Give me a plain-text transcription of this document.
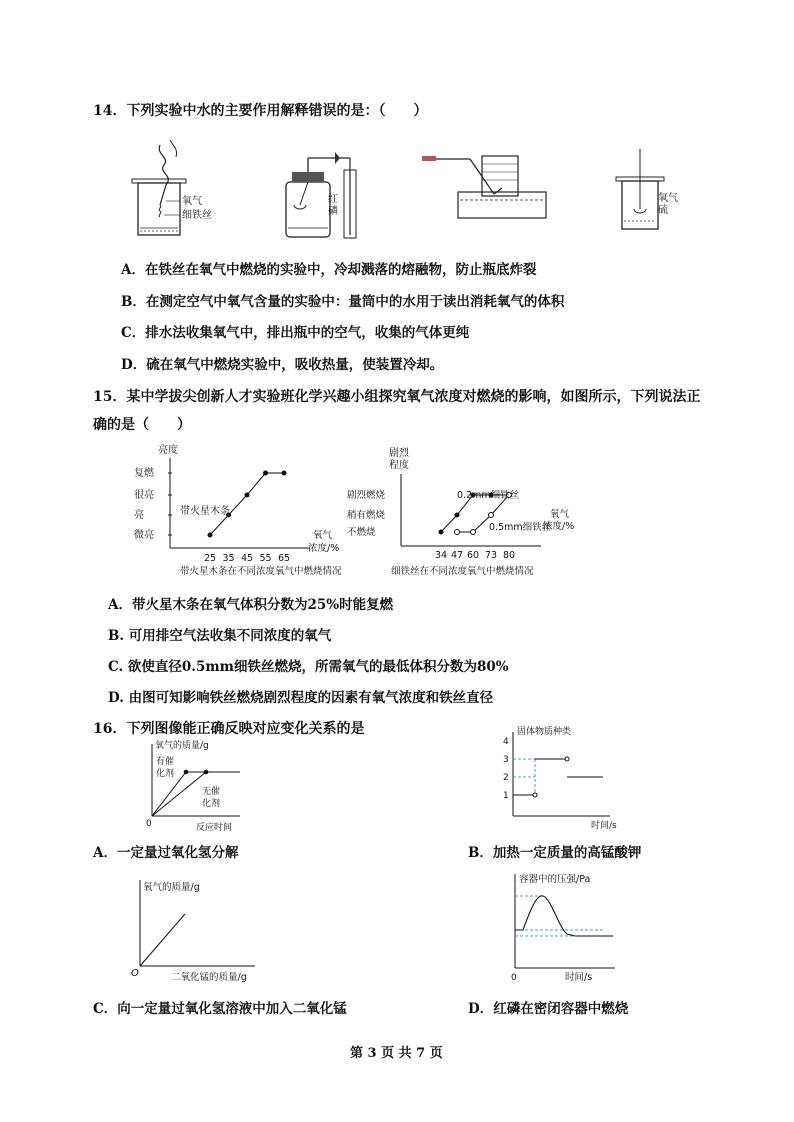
14．下列实验中水的主要作用解释错误的是：（　　）
氧气
细铁丝
红
磷
氧气
硫
A．在铁丝在氧气中燃烧的实验中，冷却溅落的熔融物，防止瓶底炸裂
B．在测定空气中氧气含量的实验中：量筒中的水用于读出消耗氧气的体积
C．排水法收集氧气中，排出瓶中的空气，收集的气体更纯
D．硫在氧气中燃烧实验中，吸收热量，使装置冷却。
15．某中学拔尖创新人才实验班化学兴趣小组探究氧气浓度对燃烧的影响，如图所示，下列说法正
确的是（　　）
亮度
微亮
亮
很亮
复燃
25 35 45 55 65
带火星木条
氧气
浓度/%
带火星木条在不同浓度氧气中燃烧情况
剧烈
程度
不燃烧
稍有燃烧
剧烈燃烧
34 47 60 73 80
0.2mm细铁丝
0.5mm细铁丝
氧气
浓度/%
细铁丝在不同浓度氧气中燃烧情况
A．带火星木条在氧气体积分数为25%时能复燃
B. 可用排空气法收集不同浓度的氧气
C. 欲使直径0.5mm细铁丝燃烧，所需氧气的最低体积分数为80%
D. 由图可知影响铁丝燃烧剧烈程度的因素有氧气浓度和铁丝直径
16．下列图像能正确反映对应变化关系的是
氧气的质量/g
有催
化剂
无催
化剂
0	反应时间
A．一定量过氧化氢分解
固体物质种类
4
3
2
1
时间/s
B．加热一定质量的高锰酸钾
氧气的质量/g
O	二氧化锰的质量/g
C．向一定量过氧化氢溶液中加入二氧化锰
容器中的压强/Pa
0	时间/s
D．红磷在密闭容器中燃烧
第 3 页 共 7 页
